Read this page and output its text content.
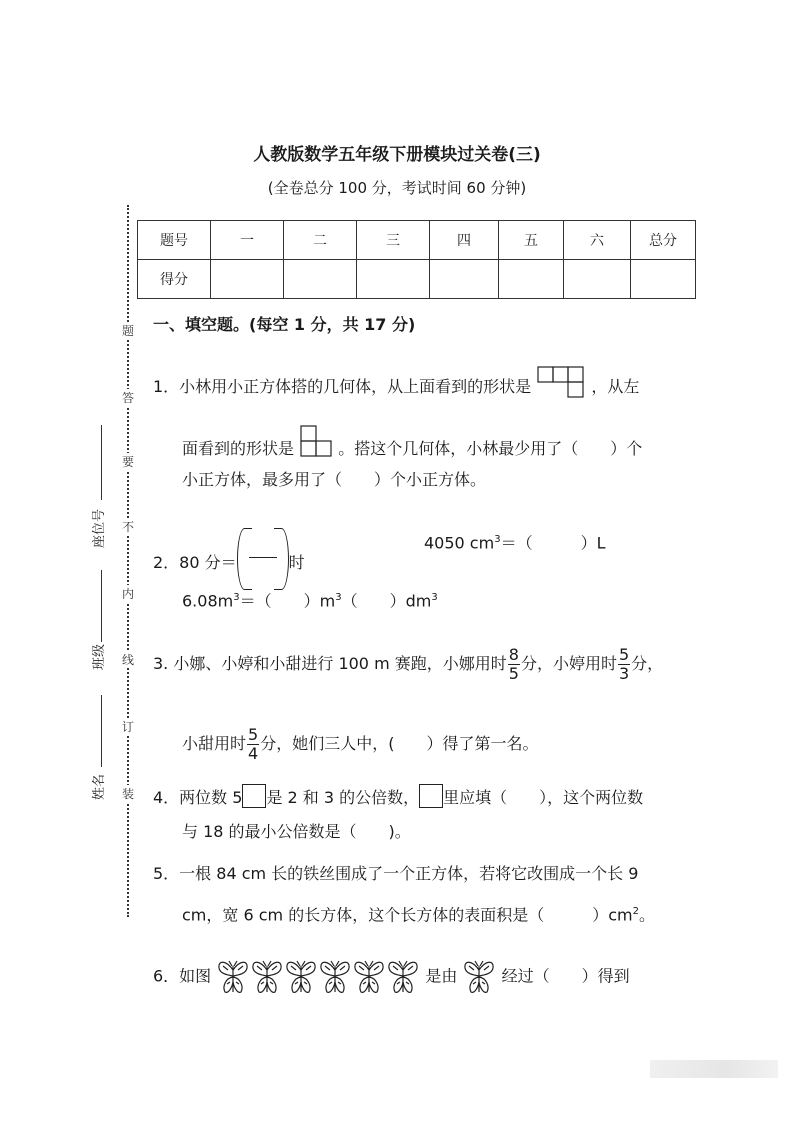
人教版数学五年级下册模块过关卷(三)
(全卷总分 100 分，考试时间 60 分钟)
题号	一	二	三	四	五	六	总分
得分							
题
答
要
不
内
线
订
装
座位号
班级
姓名
一、填空题。(每空 1 分，共 17 分)
1．小林用小正方体搭的几何体，从上面看到的形状是	，从左
面看到的形状是	。搭这个几何体，小林最少用了（　　）个
小正方体，最多用了（　　）个小正方体。
2．80 分＝	时
4050 $cm^3=$（　　　）L
$6.08m^3=$（　　）$m^3$（　　）$dm^3$
3. 小娜、小婷和小甜进行 100 m 赛跑，小娜用时 $\frac{8}{5}$ 分，小婷用时 $\frac{5}{3}$ 分，
小甜用时 $\frac{5}{4}$ 分，她们三人中，(　　）得了第一名。
4．两位数 5 是 2 和 3 的公倍数， 里应填（　　），这个两位数
与 18 的最小公倍数是（　　)。
5．一根 84 cm 长的铁丝围成了一个正方体，若将它改围成一个长 9
cm，宽 6 cm 的长方体，这个长方体的表面积是（　　　）$cm^2$。
6．如图	是由	经过（　　）得到
